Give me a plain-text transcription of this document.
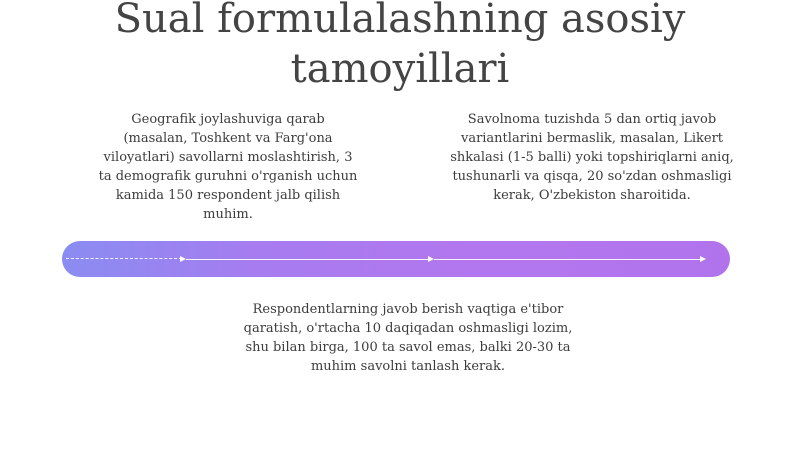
Sual formulalashning asosiy
tamoyillari
Geografik joylashuviga qarab
(masalan, Toshkent va Farg'ona
viloyatlari) savollarni moslashtirish, 3
ta demografik guruhni o'rganish uchun
kamida 150 respondent jalb qilish
muhim.
Savolnoma tuzishda 5 dan ortiq javob
variantlarini bermaslik, masalan, Likert
shkalasi (1-5 balli) yoki topshiriqlarni aniq,
tushunarli va qisqa, 20 so'zdan oshmasligi
kerak, O'zbekiston sharoitida.
Respondentlarning javob berish vaqtiga e'tibor
qaratish, o'rtacha 10 daqiqadan oshmasligi lozim,
shu bilan birga, 100 ta savol emas, balki 20-30 ta
muhim savolni tanlash kerak.
